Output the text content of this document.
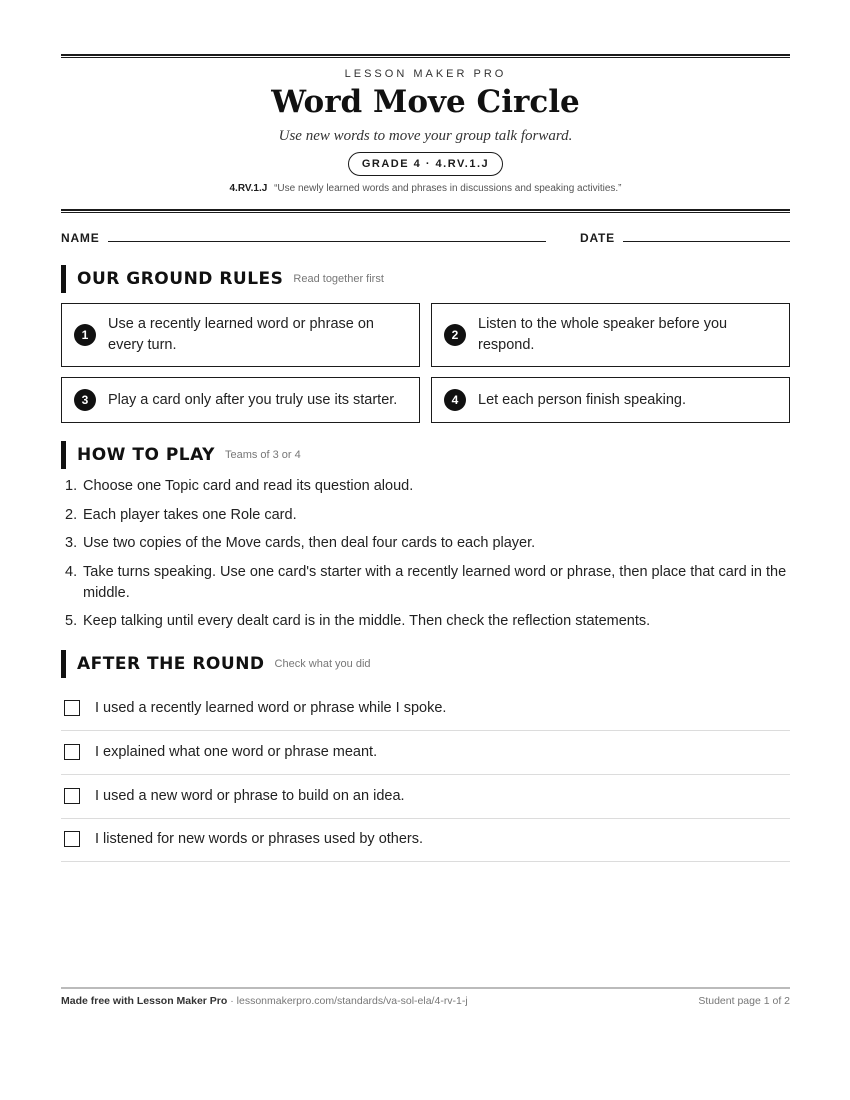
LESSON MAKER PRO
Word Move Circle
Use new words to move your group talk forward.
GRADE 4 · 4.RV.1.J
4.RV.1.J “Use newly learned words and phrases in discussions and speaking activities.”
NAME	DATE
OUR GROUND RULES Read together first
1
Use a recently learned word or phrase on every turn.
2
Listen to the whole speaker before you respond.
3	Play a card only after you truly use its starter.	4	Let each person finish speaking.
HOW TO PLAY Teams of 3 or 4
1. Choose one Topic card and read its question aloud.
2. Each player takes one Role card.
3. Use two copies of the Move cards, then deal four cards to each player.
4. Take turns speaking. Use one card's starter with a recently learned word or phrase, then place that card in the middle.
5. Keep talking until every dealt card is in the middle. Then check the reflection statements.
AFTER THE ROUND Check what you did
I used a recently learned word or phrase while I spoke.
I explained what one word or phrase meant.
I used a new word or phrase to build on an idea.
I listened for new words or phrases used by others.
Made free with Lesson Maker Pro · lessonmakerpro.com/standards/va-sol-ela/4-rv-1-j	Student page 1 of 2
